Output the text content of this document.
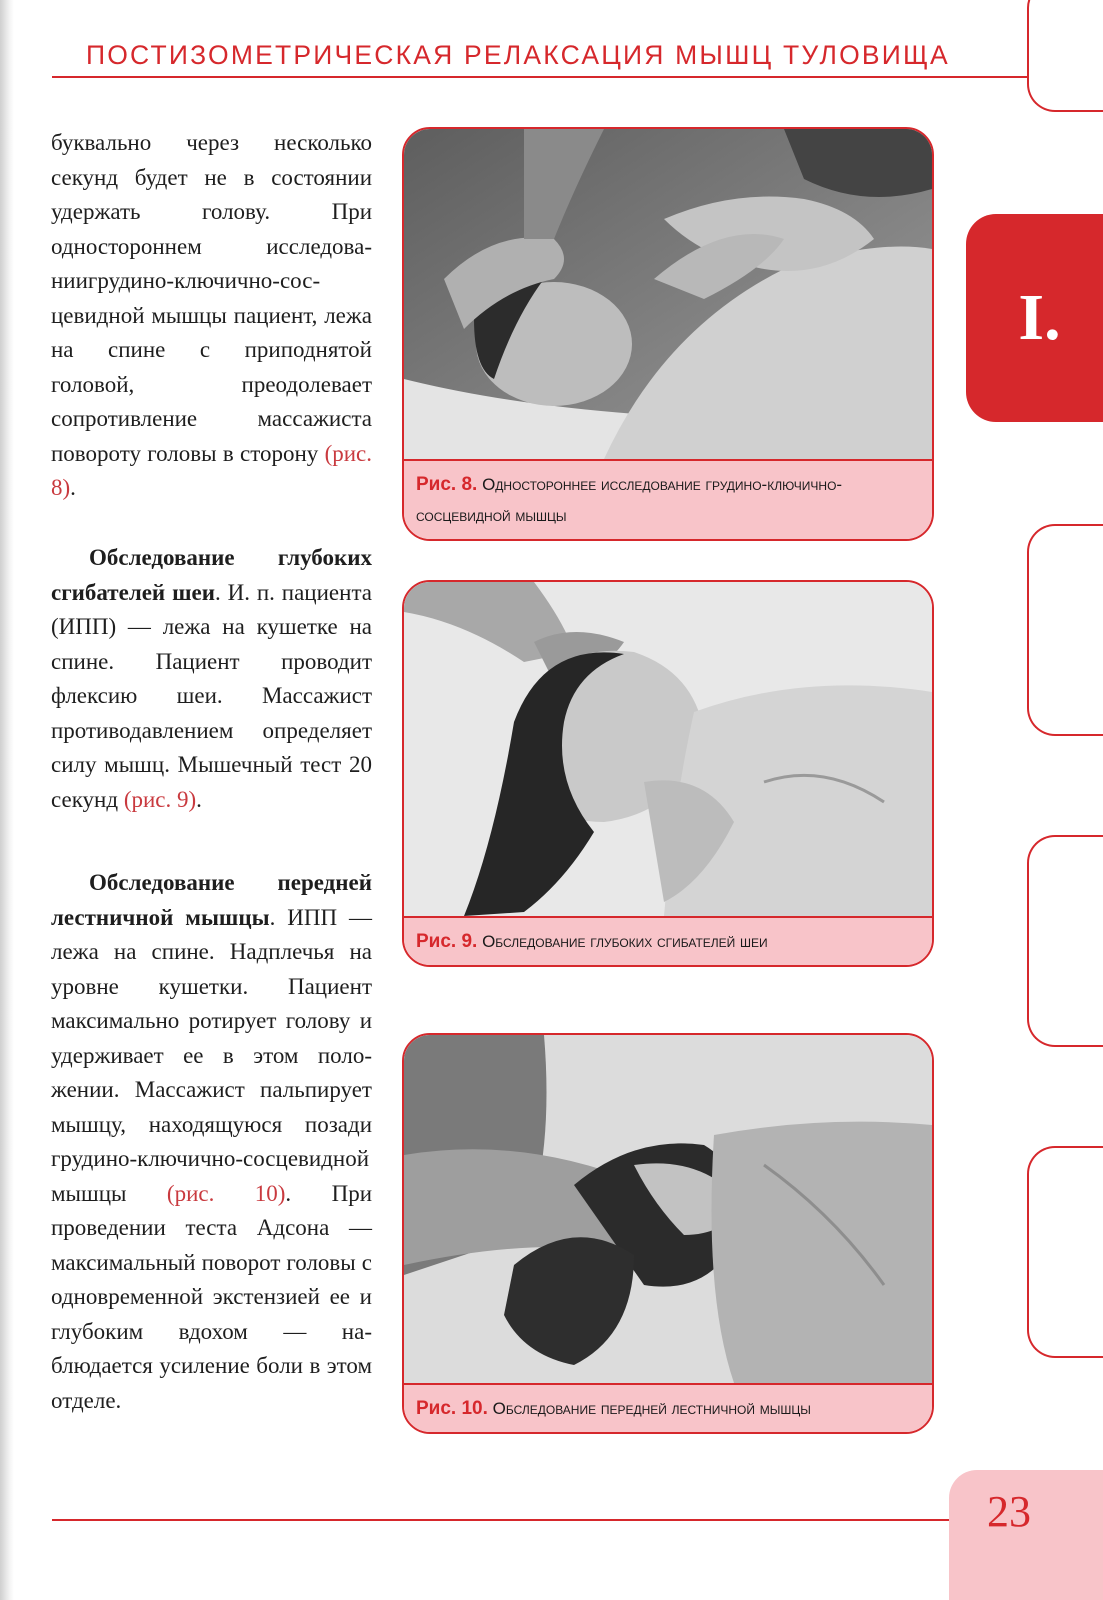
ПОСТИЗОМЕТРИЧЕСКАЯ РЕЛАКСАЦИЯ МЫШЦ ТУЛОВИЩА

буквально через несколько секунд будет не в состоянии удержать голову. При одностороннем исследованиигрудино-ключично-сосцевидной мышцы пациент, лежа на спине с приподнятой головой, преодолевает сопротивление массажиста повороту головы в сторону (рис. 8).

Обследование глубоких сгибателей шеи. И. п. пациента (ИПП) — лежа на кушетке на спине. Пациент проводит флексию шеи. Массажист противодавлением определяет силу мышц. Мышечный тест 20 секунд (рис. 9).

Обследование передней лестничной мышцы. ИПП — лежа на спине. Надплечья на уровне кушетки. Пациент максимально ротирует голову и удерживает ее в этом положении. Массажист пальпирует мышцу, находящуюся позади грудино-ключично-сосцевидной мышцы (рис. 10). При проведении теста Адсона — максимальный поворот головы с одновременной экстензией ее и глубоким вдохом — наблюдается усиление боли в этом отделе.

Рис. 8. Одностороннее исследование грудино-ключично-сосцевидной мышцы
Рис. 9. Обследование глубоких сгибателей шеи
Рис. 10. Обследование передней лестничной мышцы
I.
23
